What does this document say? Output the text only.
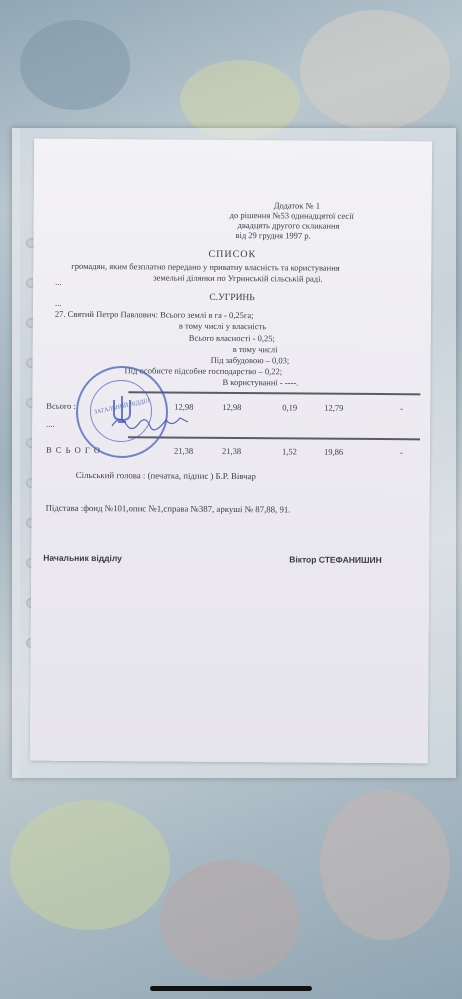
Додаток № 1
до рішення №53 одинадцятої сесії
двадцять другого скликання
від 29 грудня 1997 р.
СПИСОК
громадян, яким безплатно передано у приватну власність та користування
земельні ділянки по Угринській сільській раді.
...
С.УГРИНЬ
...
27. Святий Петро Павлович: Всього землі в га - 0,25га;
в тому числі у власність
Всього власності - 0,25;
в тому числі
Під забудовою – 0,03;
Під особисте підсобне господарство – 0,22;
В користуванні - ----.
Всього :	12,98	12,98	0,19	12,79	-
....
В С Ь О Г О	21,38	21,38	1,52	19,86	-
Сільський голова : (печатка, підпис ) Б.Р. Вівчар
Підстава :фонд №101,опис №1,справа №387, аркуші № 87,88, 91.
Начальник відділу	Віктор СТЕФАНИШИН
ЗАГАЛЬНИЙ ВІДДІЛ
